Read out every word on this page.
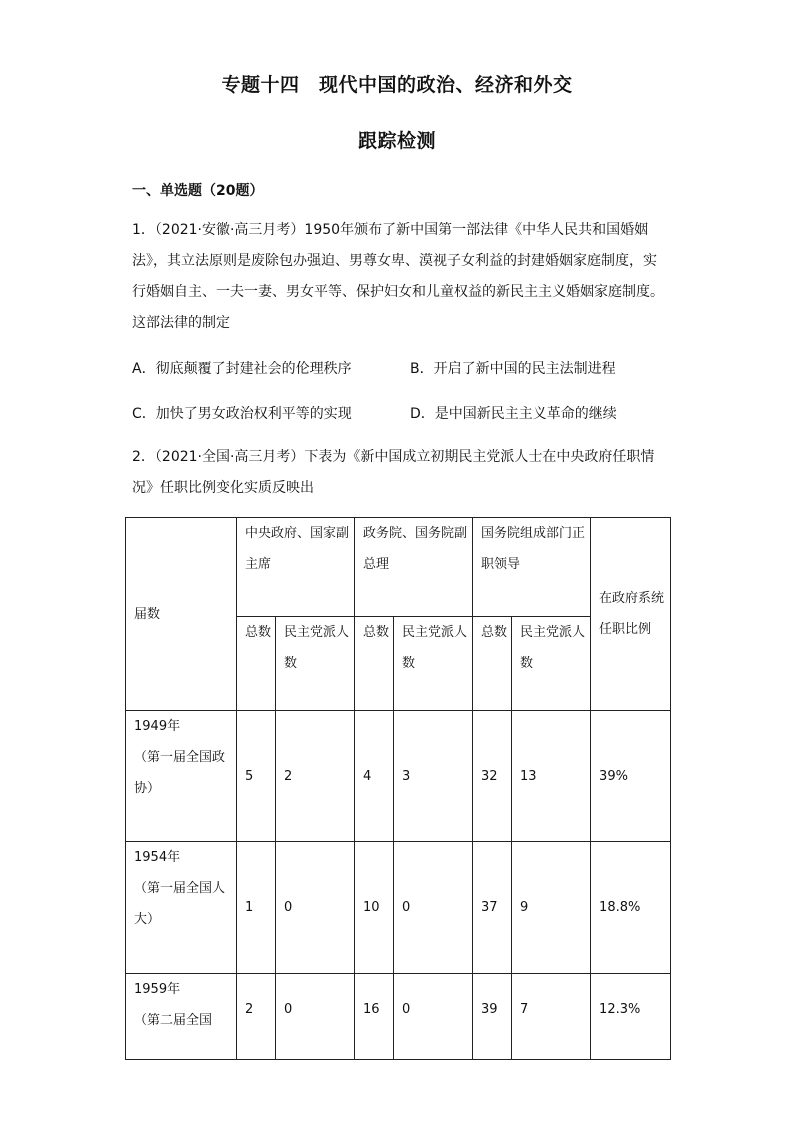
专题十四　现代中国的政治、经济和外交
跟踪检测
一、单选题（20题）

1．（2021·安徽·高三月考）1950年颁布了新中国第一部法律《中华人民共和国婚姻法》，其立法原则是废除包办强迫、男尊女卑、漠视子女利益的封建婚姻家庭制度，实行婚姻自主、一夫一妻、男女平等、保护妇女和儿童权益的新民主主义婚姻家庭制度。这部法律的制定

A．彻底颠覆了封建社会的伦理秩序	B．开启了新中国的民主法制进程
C．加快了男女政治权利平等的实现	D．是中国新民主主义革命的继续

2．（2021·全国·高三月考）下表为《新中国成立初期民主党派人士在中央政府任职情况》任职比例变化实质反映出

届数	中央政府、国家副主席		政务院、国务院副总理		国务院组成部门正职领导		在政府系统任职比例
	总数	民主党派人数	总数	民主党派人数	总数	民主党派人数	
1949年
（第一届全国政协）	5	2	4	3	32	13	39%
1954年
（第一届全国人大）	1	0	10	0	37	9	18.8%
1959年
（第二届全国	2	0	16	0	39	7	12.3%
